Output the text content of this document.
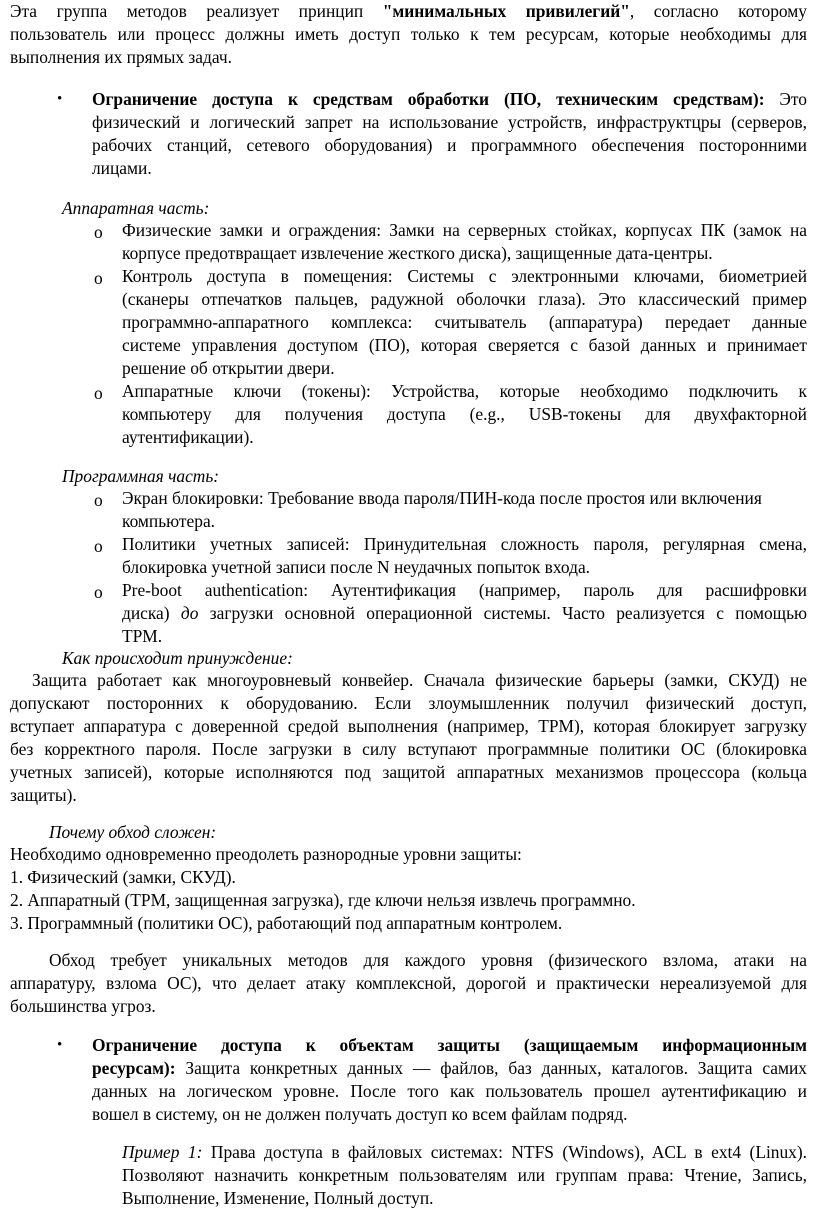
Эта группа методов реализует принцип "минимальных привилегий", согласно которому
пользователь или процесс должны иметь доступ только к тем ресурсам, которые необходимы для
выполнения их прямых задач.
•	Ограничение доступа к средствам обработки (ПО, техническим средствам): Это
физический и логический запрет на использование устройств, инфраструктцры (серверов,
рабочих станций, сетевого оборудования) и программного обеспечения посторонними
лицами.
Аппаратная часть:
o Физические замки и ограждения: Замки на серверных стойках, корпусах ПК (замок на
корпусе предотвращает извлечение жесткого диска), защищенные дата-центры.
o Контроль доступа в помещения: Системы с электронными ключами, биометрией
(сканеры отпечатков пальцев, радужной оболочки глаза). Это классический пример
программно-аппаратного комплекса: считыватель (аппаратура) передает данные
системе управления доступом (ПО), которая сверяется с базой данных и принимает
решение об открытии двери.
o Аппаратные ключи (токены): Устройства, которые необходимо подключить к
компьютеру для получения доступа (e.g., USB-токены для двухфакторной
аутентификации).
Программная часть:
o Экран блокировки: Требование ввода пароля/ПИН-кода после простоя или включения
компьютера.
o Политики учетных записей: Принудительная сложность пароля, регулярная смена,
блокировка учетной записи после N неудачных попыток входа.
o Pre-boot authentication: Аутентификация (например, пароль для расшифровки
диска) до загрузки основной операционной системы. Часто реализуется с помощью
TPM.
Как происходит принуждение:
Защита работает как многоуровневый конвейер. Сначала физические барьеры (замки, СКУД) не
допускают посторонних к оборудованию. Если злоумышленник получил физический доступ,
вступает аппаратура с доверенной средой выполнения (например, TPM), которая блокирует загрузку
без корректного пароля. После загрузки в силу вступают программные политики ОС (блокировка
учетных записей), которые исполняются под защитой аппаратных механизмов процессора (кольца
защиты).
Почему обход сложен:
Необходимо одновременно преодолеть разнородные уровни защиты:
1. Физический (замки, СКУД).
2. Аппаратный (TPM, защищенная загрузка), где ключи нельзя извлечь программно.
3. Программный (политики ОС), работающий под аппаратным контролем.
Обход требует уникальных методов для каждого уровня (физического взлома, атаки на
аппаратуру, взлома ОС), что делает атаку комплексной, дорогой и практически нереализуемой для
большинства угроз.
•	Ограничение доступа к объектам защиты (защищаемым информационным
ресурсам): Защита конкретных данных — файлов, баз данных, каталогов. Защита самих
данных на логическом уровне. После того как пользователь прошел аутентификацию и
вошел в систему, он не должен получать доступ ко всем файлам подряд.
Пример 1: Права доступа в файловых системах: NTFS (Windows), ACL в ext4 (Linux).
Позволяют назначить конкретным пользователям или группам права: Чтение, Запись,
Выполнение, Изменение, Полный доступ.
